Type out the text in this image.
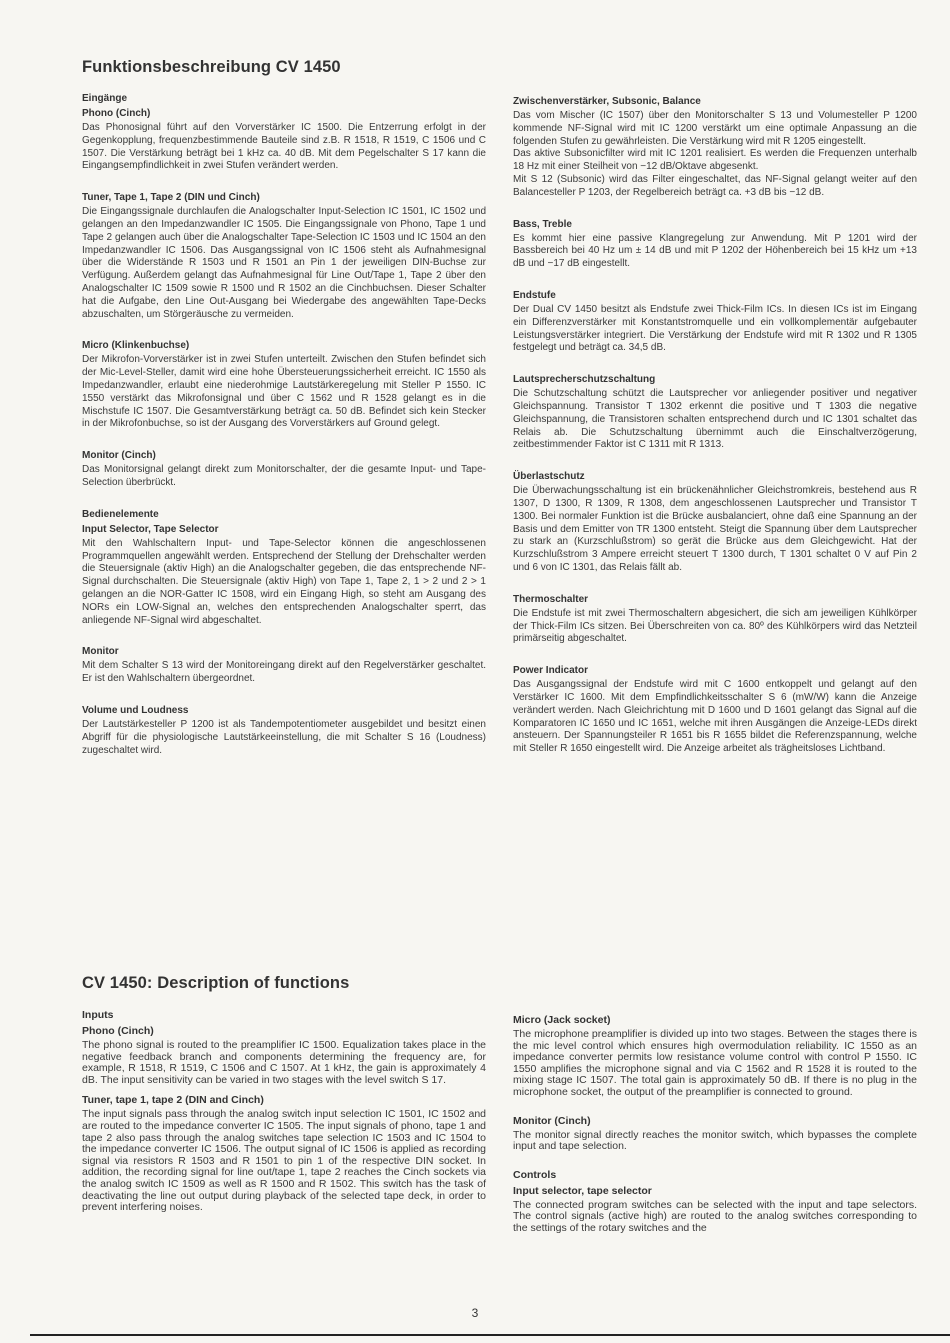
Funktionsbeschreibung CV 1450
Eingänge
Phono (Cinch)

Das Phonosignal führt auf den Vorverstärker IC 1500. Die Entzerrung erfolgt in der Gegenkopplung, frequenzbestimmende Bauteile sind z.B. R 1518, R 1519, C 1506 und C 1507. Die Verstärkung beträgt bei 1 kHz ca. 40 dB. Mit dem Pegelschalter S 17 kann die Eingangsempfindlichkeit in zwei Stufen verändert werden.

Tuner, Tape 1, Tape 2 (DIN und Cinch)

Die Eingangssignale durchlaufen die Analogschalter Input-Selection IC 1501, IC 1502 und gelangen an den Impedanzwandler IC 1505. Die Eingangssignale von Phono, Tape 1 und Tape 2 gelangen auch über die Analogschalter Tape-Selection IC 1503 und IC 1504 an den Impedanzwandler IC 1506. Das Ausgangssignal von IC 1506 steht als Aufnahmesignal über die Widerstände R 1503 und R 1501 an Pin 1 der jeweiligen DIN-Buchse zur Verfügung. Außerdem gelangt das Aufnahmesignal für Line Out/Tape 1, Tape 2 über den Analogschalter IC 1509 sowie R 1500 und R 1502 an die Cinchbuchsen. Dieser Schalter hat die Aufgabe, den Line Out-Ausgang bei Wiedergabe des angewählten Tape-Decks abzuschalten, um Störgeräusche zu vermeiden.

Micro (Klinkenbuchse)

Der Mikrofon-Vorverstärker ist in zwei Stufen unterteilt. Zwischen den Stufen befindet sich der Mic-Level-Steller, damit wird eine hohe Übersteuerungssicherheit erreicht. IC 1550 als Impedanzwandler, erlaubt eine niederohmige Lautstärkeregelung mit Steller P 1550. IC 1550 verstärkt das Mikrofonsignal und über C 1562 und R 1528 gelangt es in die Mischstufe IC 1507. Die Gesamtverstärkung beträgt ca. 50 dB. Befindet sich kein Stecker in der Mikrofonbuchse, so ist der Ausgang des Vorverstärkers auf Ground gelegt.

Monitor (Cinch)

Das Monitorsignal gelangt direkt zum Monitorschalter, der die gesamte Input- und Tape-Selection überbrückt.

Bedienelemente
Input Selector, Tape Selector

Mit den Wahlschaltern Input- und Tape-Selector können die angeschlossenen Programmquellen angewählt werden. Entsprechend der Stellung der Drehschalter werden die Steuersignale (aktiv High) an die Analogschalter gegeben, die das entsprechende NF-Signal durchschalten. Die Steuersignale (aktiv High) von Tape 1, Tape 2, 1 > 2 und 2 > 1 gelangen an die NOR-Gatter IC 1508, wird ein Eingang High, so steht am Ausgang des NORs ein LOW-Signal an, welches den entsprechenden Analogschalter sperrt, das anliegende NF-Signal wird abgeschaltet.

Monitor

Mit dem Schalter S 13 wird der Monitoreingang direkt auf den Regelverstärker geschaltet. Er ist den Wahlschaltern übergeordnet.

Volume und Loudness

Der Lautstärkesteller P 1200 ist als Tandempotentiometer ausgebildet und besitzt einen Abgriff für die physiologische Lautstärkeeinstellung, die mit Schalter S 16 (Loudness) zugeschaltet wird.

Zwischenverstärker, Subsonic, Balance

Das vom Mischer (IC 1507) über den Monitorschalter S 13 und Volumesteller P 1200 kommende NF-Signal wird mit IC 1200 verstärkt um eine optimale Anpassung an die folgenden Stufen zu gewährleisten. Die Verstärkung wird mit R 1205 eingestellt.

Das aktive Subsonicfilter wird mit IC 1201 realisiert. Es werden die Frequenzen unterhalb 18 Hz mit einer Steilheit von −12 dB/Oktave abgesenkt.

Mit S 12 (Subsonic) wird das Filter eingeschaltet, das NF-Signal gelangt weiter auf den Balancesteller P 1203, der Regelbereich beträgt ca. +3 dB bis −12 dB.

Bass, Treble

Es kommt hier eine passive Klangregelung zur Anwendung. Mit P 1201 wird der Bassbereich bei 40 Hz um ± 14 dB und mit P 1202 der Höhenbereich bei 15 kHz um +13 dB und −17 dB eingestellt.

Endstufe

Der Dual CV 1450 besitzt als Endstufe zwei Thick-Film ICs. In diesen ICs ist im Eingang ein Differenzverstärker mit Konstantstromquelle und ein vollkomplementär aufgebauter Leistungsverstärker integriert. Die Verstärkung der Endstufe wird mit R 1302 und R 1305 festgelegt und beträgt ca. 34,5 dB.

Lautsprecherschutzschaltung

Die Schutzschaltung schützt die Lautsprecher vor anliegender positiver und negativer Gleichspannung. Transistor T 1302 erkennt die positive und T 1303 die negative Gleichspannung, die Transistoren schalten entsprechend durch und IC 1301 schaltet das Relais ab. Die Schutzschaltung übernimmt auch die Einschaltverzögerung, zeitbestimmender Faktor ist C 1311 mit R 1313.

Überlastschutz

Die Überwachungsschaltung ist ein brückenähnlicher Gleichstromkreis, bestehend aus R 1307, D 1300, R 1309, R 1308, dem angeschlossenen Lautsprecher und Transistor T 1300. Bei normaler Funktion ist die Brücke ausbalanciert, ohne daß eine Spannung an der Basis und dem Emitter von TR 1300 entsteht. Steigt die Spannung über dem Lautsprecher zu stark an (Kurzschlußstrom) so gerät die Brücke aus dem Gleichgewicht. Hat der Kurzschlußstrom 3 Ampere erreicht steuert T 1300 durch, T 1301 schaltet 0 V auf Pin 2 und 6 von IC 1301, das Relais fällt ab.

Thermoschalter

Die Endstufe ist mit zwei Thermoschaltern abgesichert, die sich am jeweiligen Kühlkörper der Thick-Film ICs sitzen. Bei Überschreiten von ca. 80º des Kühlkörpers wird das Netzteil primärseitig abgeschaltet.

Power Indicator

Das Ausgangssignal der Endstufe wird mit C 1600 entkoppelt und gelangt auf den Verstärker IC 1600. Mit dem Empfindlichkeitsschalter S 6 (mW/W) kann die Anzeige verändert werden. Nach Gleichrichtung mit D 1600 und D 1601 gelangt das Signal auf die Komparatoren IC 1650 und IC 1651, welche mit ihren Ausgängen die Anzeige-LEDs direkt ansteuern. Der Spannungsteiler R 1651 bis R 1655 bildet die Referenzspannung, welche mit Steller R 1650 eingestellt wird. Die Anzeige arbeitet als trägheitsloses Lichtband.

CV 1450: Description of functions
Inputs
Phono (Cinch)

The phono signal is routed to the preamplifier IC 1500. Equalization takes place in the negative feedback branch and components determining the frequency are, for example, R 1518, R 1519, C 1506 and C 1507. At 1 kHz, the gain is approximately 4 dB. The input sensitivity can be varied in two stages with the level switch S 17.

Tuner, tape 1, tape 2 (DIN and Cinch)

The input signals pass through the analog switch input selection IC 1501, IC 1502 and are routed to the impedance converter IC 1505. The input signals of phono, tape 1 and tape 2 also pass through the analog switches tape selection IC 1503 and IC 1504 to the impedance converter IC 1506. The output signal of IC 1506 is applied as recording signal via resistors R 1503 and R 1501 to pin 1 of the respective DIN socket. In addition, the recording signal for line out/tape 1, tape 2 reaches the Cinch sockets via the analog switch IC 1509 as well as R 1500 and R 1502. This switch has the task of deactivating the line out output during playback of the selected tape deck, in order to prevent interfering noises.

Micro (Jack socket)

The microphone preamplifier is divided up into two stages. Between the stages there is the mic level control which ensures high overmodulation reliability. IC 1550 as an impedance converter permits low resistance volume control with control P 1550. IC 1550 amplifies the microphone signal and via C 1562 and R 1528 it is routed to the mixing stage IC 1507. The total gain is approximately 50 dB. If there is no plug in the microphone socket, the output of the preamplifier is connected to ground.

Monitor (Cinch)

The monitor signal directly reaches the monitor switch, which bypasses the complete input and tape selection.

Controls
Input selector, tape selector

The connected program switches can be selected with the input and tape selectors. The control signals (active high) are routed to the analog switches corresponding to the settings of the rotary switches and the

3
